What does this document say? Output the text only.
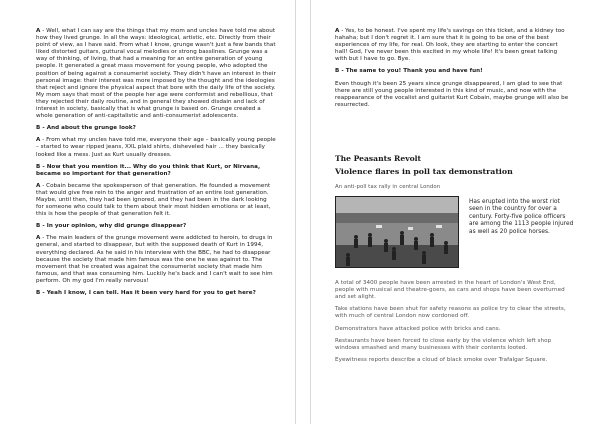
A - Well, what I can say are the things that my mom and uncles have told me about how they lived grunge. In all the ways: ideological, artistic, etc. Directly from their point of view, as I have said. From what I know, grunge wasn't just a few bands that liked distorted guitars, guttural vocal melodies or strong basslines. Grunge was a way of thinking, of living, that had a meaning for an entire generation of young people. It generated a great mass movement for young people, who adopted the position of being against a consumerist society. They didn't have an interest in their personal image: their interest was more imposed by the thought and the ideologies that reject and ignore the physical aspect that bore with the daily life of the society. My mom says that most of the people her age were conformist and rebellious, that they rejected their daily routine, and in general they showed disdain and lack of interest in society, basically that is what grunge is based on. Grunge created a whole generation of anti-capitalistic and anti-consumerist adolescents.

B - And about the grunge look?

A - From what my uncles have told me, everyone their age – basically young people – started to wear ripped jeans, XXL plaid shirts, disheveled hair ... they basically looked like a mess. Just as Kurt usually dresses.

B - Now that you mention it... Why do you think that Kurt, or Nirvana, became so important for that generation?

A - Cobain became the spokesperson of that generation. He founded a movement that would give free rein to the anger and frustration of an entire lost generation. Maybe, until then, they had been ignored, and they had been in the dark looking for someone who could talk to them about their most hidden emotions or at least, this is how the people of that generation felt it.

B - In your opinion, why did grunge disappear?

A - The main leaders of the grunge movement were addicted to heroin, to drugs in general, and started to disappear, but with the supposed death of Kurt in 1994, everything declared. As he said in his interview with the BBC, he had to disappear because the society that made him famous was the one he was against to. The movement that he created was against the consumerist society that made him famous, and that was consuming him. Luckily he's back and I can't wait to see him perform. Oh my god I'm really nervous!

B - Yeah I know, I can tell. Has it been very hard for you to get here?

A - Yes, to be honest. I've spent my life's savings on this ticket, and a kidney too hahaha; but I don't regret it. I am sure that it is going to be one of the best experiences of my life, for real. Oh look, they are starting to enter the concert hall! God, I've never been this excited in my whole life! It's been great talking with but I have to go. Bye.

B - The same to you! Thank you and have fun!

Even though it's been 25 years since grunge disappeared, I am glad to see that there are still young people interested in this kind of music, and now with the reappearance of the vocalist and guitarist Kurt Cobain, maybe grunge will also be resurrected.

The Peasants Revolt
Violence flares in poll tax demonstration

An anti-poll tax rally in central London

Has erupted into the worst riot seen in the country for over a century. Forty-five police officers are among the 1113 people injured as well as 20 police horses.

A total of 3400 people have been arrested in the heart of London's West End, people with musical and theatre-goers, as cars and shops have been overturned and set alight.

Take stations have been shut for safety reasons as police try to clear the streets, with much of central London now cordoned off.

Demonstrators have attacked police with bricks and cans.

Restaurants have been forced to close early by the violence which left shop windows smashed and many businesses with their contents looted.

Eyewitness reports describe a cloud of black smoke over Trafalgar Square.
